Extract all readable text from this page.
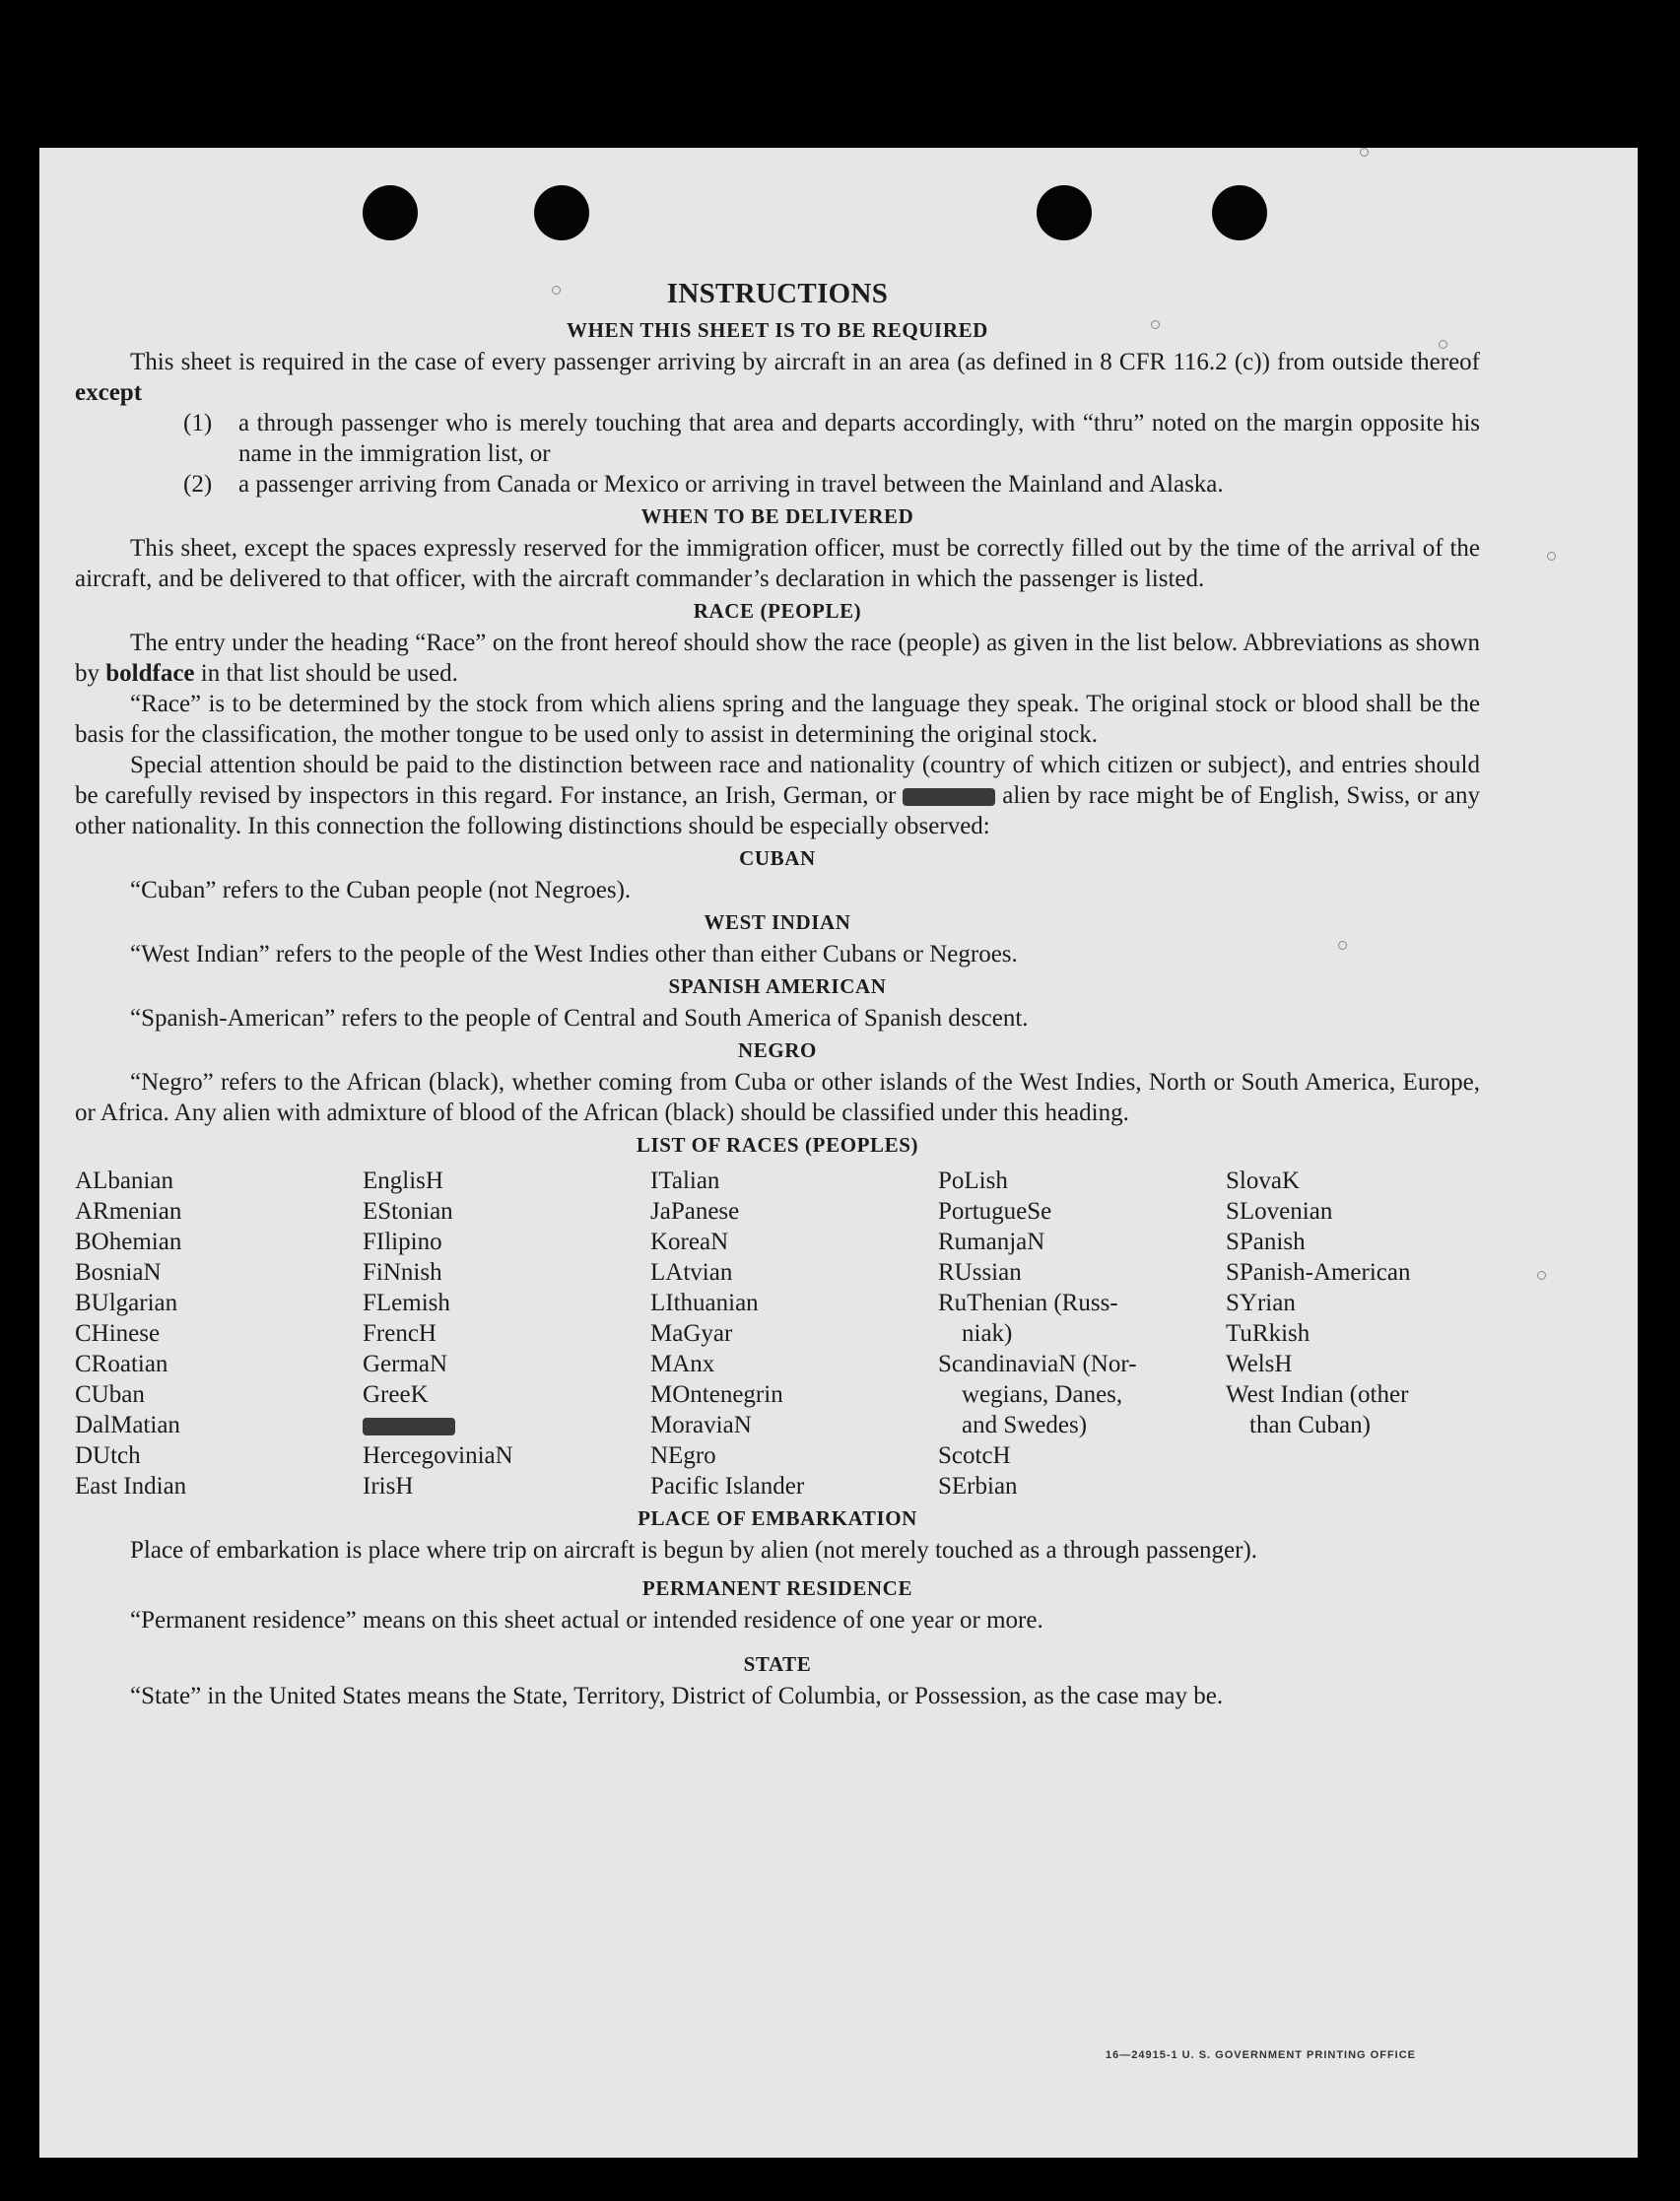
INSTRUCTIONS
WHEN THIS SHEET IS TO BE REQUIRED

This sheet is required in the case of every passenger arriving by aircraft in an area (as defined in 8 CFR 116.2 (c)) from outside thereof except

(1)	a through passenger who is merely touching that area and departs accordingly, with “thru” noted on the margin opposite his name in the immigration list, or
(2)	a passenger arriving from Canada or Mexico or arriving in travel between the Mainland and Alaska.
WHEN TO BE DELIVERED

This sheet, except the spaces expressly reserved for the immigration officer, must be correctly filled out by the time of the arrival of the aircraft, and be delivered to that officer, with the aircraft commander’s declaration in which the passenger is listed.

RACE (PEOPLE)

The entry under the heading “Race” on the front hereof should show the race (people) as given in the list below. Abbreviations as shown by boldface in that list should be used.

“Race” is to be determined by the stock from which aliens spring and the language they speak. The original stock or blood shall be the basis for the classification, the mother tongue to be used only to assist in determining the original stock.

Special attention should be paid to the distinction between race and nationality (country of which citizen or subject), and entries should be carefully revised by inspectors in this regard. For instance, an Irish, German, or	alien by race might be of English, Swiss, or any other nationality. In this connection the following distinctions should be especially observed:

CUBAN

“Cuban” refers to the Cuban people (not Negroes).

WEST INDIAN

“West Indian” refers to the people of the West Indies other than either Cubans or Negroes.

SPANISH AMERICAN

“Spanish-American” refers to the people of Central and South America of Spanish descent.

NEGRO

“Negro” refers to the African (black), whether coming from Cuba or other islands of the West Indies, North or South America, Europe, or Africa. Any alien with admixture of blood of the African (black) should be classified under this heading.

LIST OF RACES (PEOPLES)
ALbanian
ARmenian
BOhemian
BosniaN
BUlgarian
CHinese
CRoatian
CUban
DalMatian
DUtch
East Indian
EnglisH
EStonian
FIlipino
FiNnish
FLemish
FrencH
GermaN
GreeK
HercegoviniaN
IrisH
ITalian
JaPanese
KoreaN
LAtvian
LIthuanian
MaGyar
MAnx
MOntenegrin
MoraviaN
NEgro
Pacific Islander
PoLish
PortugueSe
RumanjaN
RUssian
RuThenian (Russ-
niak)
ScandinaviaN (Nor-
wegians, Danes,
and Swedes)
ScotcH
SErbian
SlovaK
SLovenian
SPanish
SPanish-American
SYrian
TuRkish
WelsH
West Indian (other
than Cuban)
PLACE OF EMBARKATION

Place of embarkation is place where trip on aircraft is begun by alien (not merely touched as a through passenger).

PERMANENT RESIDENCE

“Permanent residence” means on this sheet actual or intended residence of one year or more.

STATE

“State” in the United States means the State, Territory, District of Columbia, or Possession, as the case may be.

16—24915-1 U. S. GOVERNMENT PRINTING OFFICE
